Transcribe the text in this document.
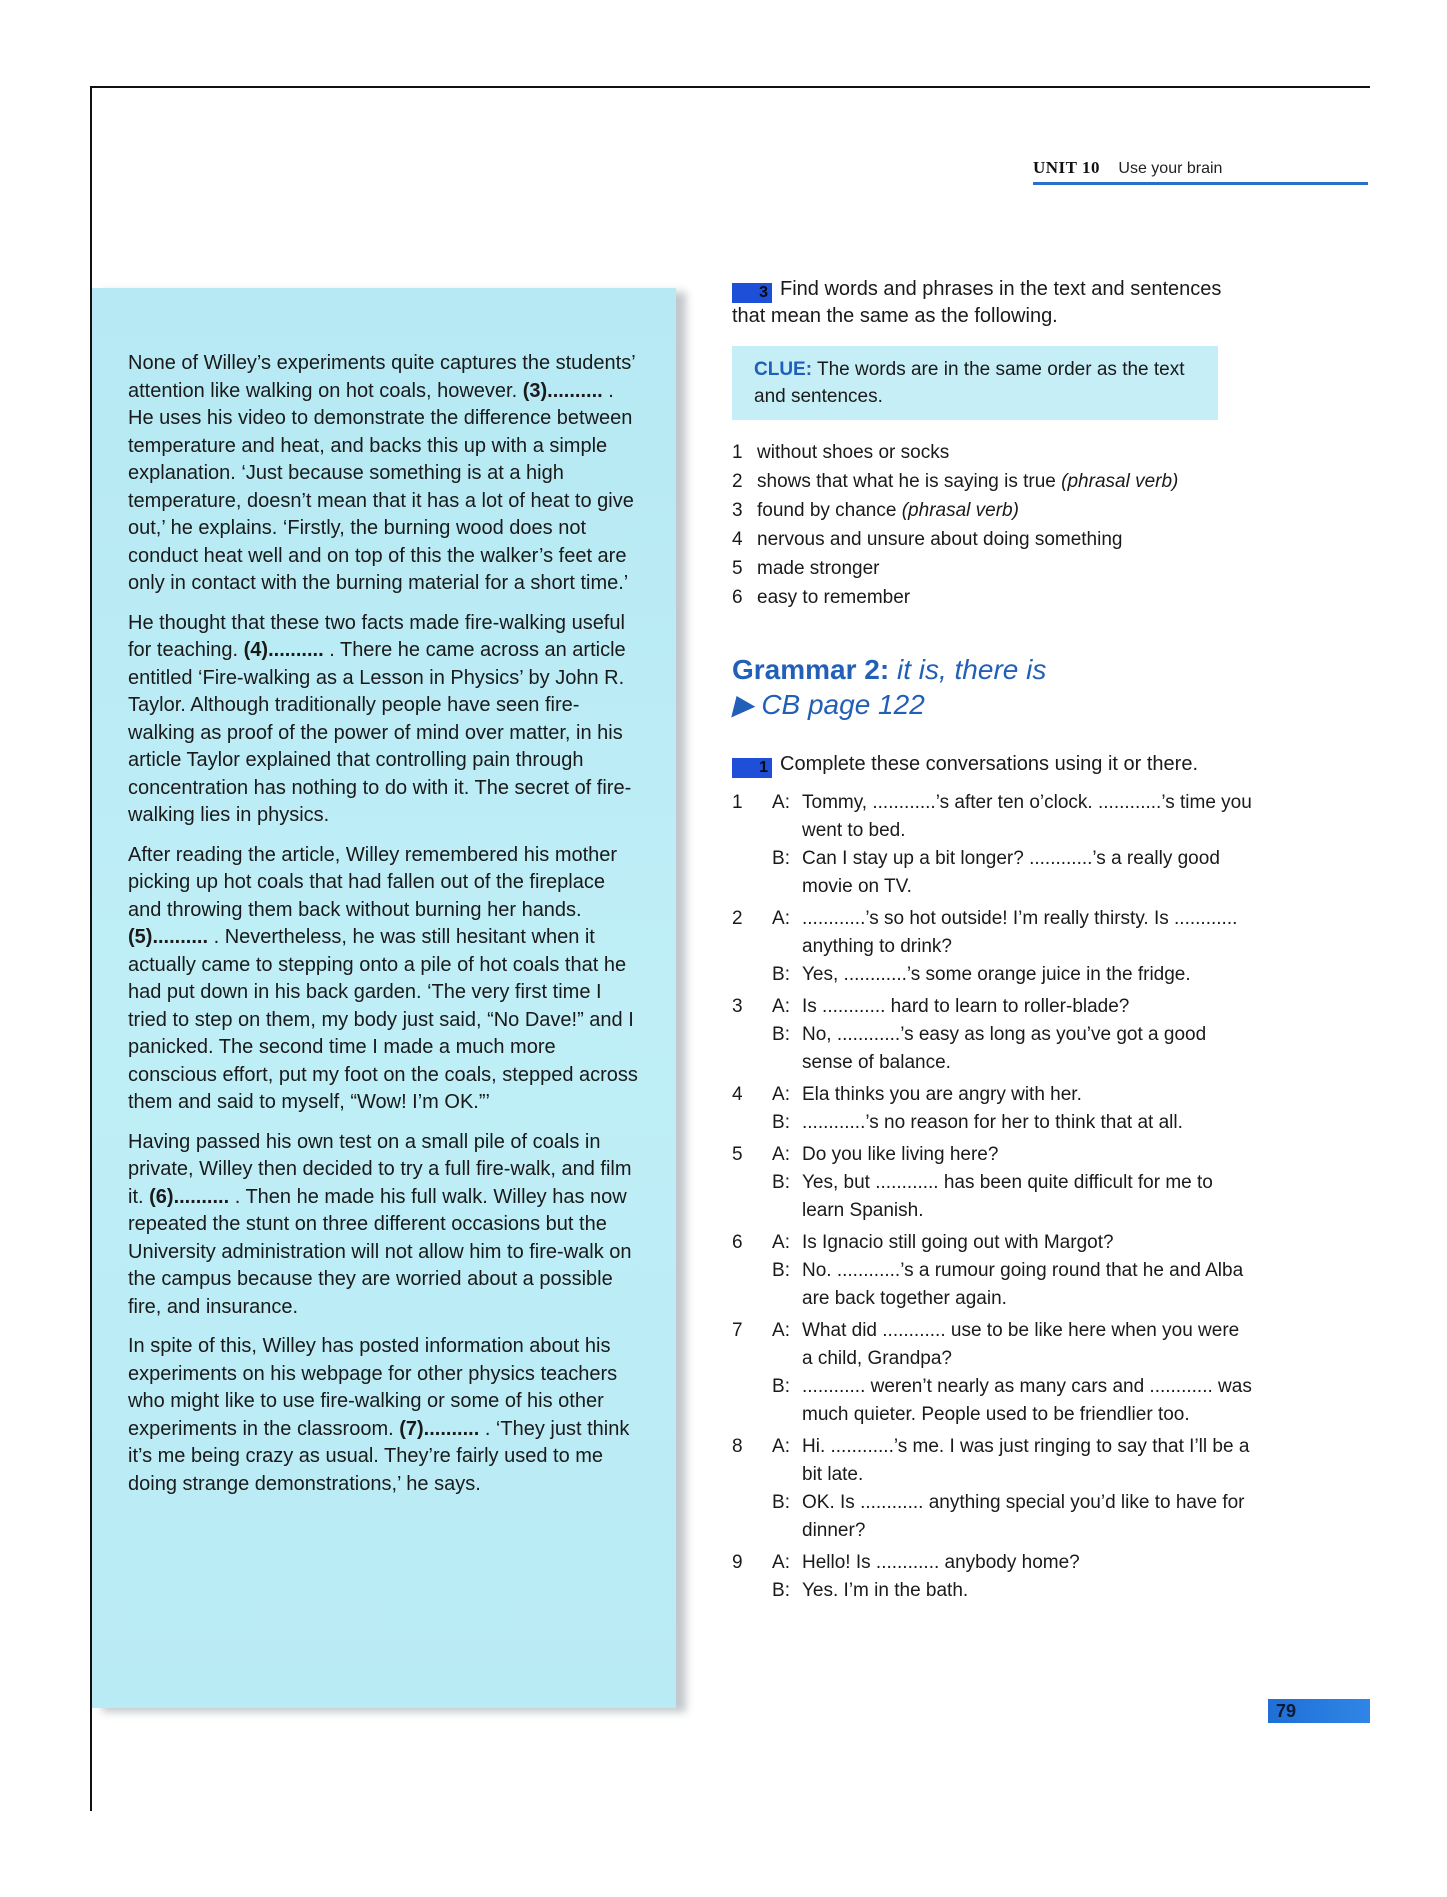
UNIT 10 Use your brain

None of Willey’s experiments quite captures the students’ attention like walking on hot coals, however. (3).......... . He uses his video to demonstrate the difference between temperature and heat, and backs this up with a simple explanation. ‘Just because something is at a high temperature, doesn’t mean that it has a lot of heat to give out,’ he explains. ‘Firstly, the burning wood does not conduct heat well and on top of this the walker’s feet are only in contact with the burning material for a short time.’

He thought that these two facts made fire-walking useful for teaching. (4).......... . There he came across an article entitled ‘Fire-walking as a Lesson in Physics’ by John R. Taylor. Although traditionally people have seen fire-walking as proof of the power of mind over matter, in his article Taylor explained that controlling pain through concentration has nothing to do with it. The secret of fire-walking lies in physics.

After reading the article, Willey remembered his mother picking up hot coals that had fallen out of the fireplace and throwing them back without burning her hands. (5).......... . Nevertheless, he was still hesitant when it actually came to stepping onto a pile of hot coals that he had put down in his back garden. ‘The very first time I tried to step on them, my body just said, “No Dave!” and I panicked. The second time I made a much more conscious effort, put my foot on the coals, stepped across them and said to myself, “Wow! I’m OK.”’

Having passed his own test on a small pile of coals in private, Willey then decided to try a full fire-walk, and film it. (6).......... . Then he made his full walk. Willey has now repeated the stunt on three different occasions but the University administration will not allow him to fire-walk on the campus because they are worried about a possible fire, and insurance.

In spite of this, Willey has posted information about his experiments on his webpage for other physics teachers who might like to use fire-walking or some of his other experiments in the classroom. (7).......... . ‘They just think it’s me being crazy as usual. They’re fairly used to me doing strange demonstrations,’ he says.

3 Find words and phrases in the text and sentences that mean the same as the following.

CLUE: The words are in the same order as the text and sentences.
1 without shoes or socks
2 shows that what he is saying is true (phrasal verb)
3 found by chance (phrasal verb)
4 nervous and unsure about doing something
5 made stronger
6 easy to remember
Grammar 2: it is, there is
▶ CB page 122

1 Complete these conversations using it or there.

1	A: Tommy, ............’s after ten o’clock. ............’s time you went to bed.
B: Can I stay up a bit longer? ............’s a really good movie on TV.
2	A: ............’s so hot outside! I’m really thirsty. Is ............ anything to drink?
B: Yes, ............’s some orange juice in the fridge.
3	A: Is ............ hard to learn to roller-blade?
B: No, ............’s easy as long as you’ve got a good sense of balance.
4	A: Ela thinks you are angry with her.
B: ............’s no reason for her to think that at all.
5	A: Do you like living here?
B: Yes, but ............ has been quite difficult for me to learn Spanish.
6	A: Is Ignacio still going out with Margot?
B: No. ............’s a rumour going round that he and Alba are back together again.
7	A: What did ............ use to be like here when you were a child, Grandpa?
B: ............ weren’t nearly as many cars and ............ was much quieter. People used to be friendlier too.
8	A: Hi. ............’s me. I was just ringing to say that I’ll be a bit late.
B: OK. Is ............ anything special you’d like to have for dinner?
9	A: Hello! Is ............ anybody home?
B: Yes. I’m in the bath.
79
